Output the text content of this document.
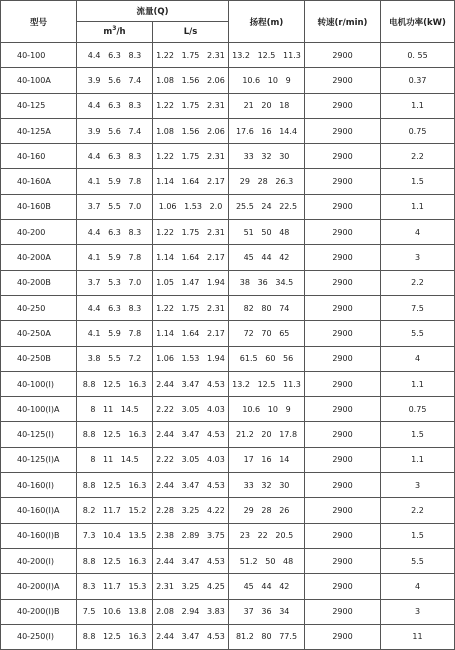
型号	流量(Q)		扬程(m)	转速(r/min)	电机功率(kW)
	$m^3/h$	L/s			
40-100	4.4   6.3   8.3	1.22   1.75   2.31	13.2   12.5   11.3	2900	0. 55
40-100A	3.9   5.6   7.4	1.08   1.56   2.06	10.6   10   9	2900	0.37
40-125	4.4   6.3   8.3	1.22   1.75   2.31	21   20   18	2900	1.1
40-125A	3.9   5.6   7.4	1.08   1.56   2.06	17.6   16   14.4	2900	0.75
40-160	4.4   6.3   8.3	1.22   1.75   2.31	33   32   30	2900	2.2
40-160A	4.1   5.9   7.8	1.14   1.64   2.17	29   28   26.3	2900	1.5
40-160B	3.7   5.5   7.0	1.06   1.53   2.0	25.5   24   22.5	2900	1.1
40-200	4.4   6.3   8.3	1.22   1.75   2.31	51   50   48	2900	4
40-200A	4.1   5.9   7.8	1.14   1.64   2.17	45   44   42	2900	3
40-200B	3.7   5.3   7.0	1.05   1.47   1.94	38   36   34.5	2900	2.2
40-250	4.4   6.3   8.3	1.22   1.75   2.31	82   80   74	2900	7.5
40-250A	4.1   5.9   7.8	1.14   1.64   2.17	72   70   65	2900	5.5
40-250B	3.8   5.5   7.2	1.06   1.53   1.94	61.5   60   56	2900	4
40-100(I)	8.8   12.5   16.3	2.44   3.47   4.53	13.2   12.5   11.3	2900	1.1
40-100(I)A	8   11   14.5	2.22   3.05   4.03	10.6   10   9	2900	0.75
40-125(I)	8.8   12.5   16.3	2.44   3.47   4.53	21.2   20   17.8	2900	1.5
40-125(I)A	8   11   14.5	2.22   3.05   4.03	17   16   14	2900	1.1
40-160(I)	8.8   12.5   16.3	2.44   3.47   4.53	33   32   30	2900	3
40-160(I)A	8.2   11.7   15.2	2.28   3.25   4.22	29   28   26	2900	2.2
40-160(I)B	7.3   10.4   13.5	2.38   2.89   3.75	23   22   20.5	2900	1.5
40-200(I)	8.8   12.5   16.3	2.44   3.47   4.53	51.2   50   48	2900	5.5
40-200(I)A	8.3   11.7   15.3	2.31   3.25   4.25	45   44   42	2900	4
40-200(I)B	7.5   10.6   13.8	2.08   2.94   3.83	37   36   34	2900	3
40-250(I)	8.8   12.5   16.3	2.44   3.47   4.53	81.2   80   77.5	2900	11
